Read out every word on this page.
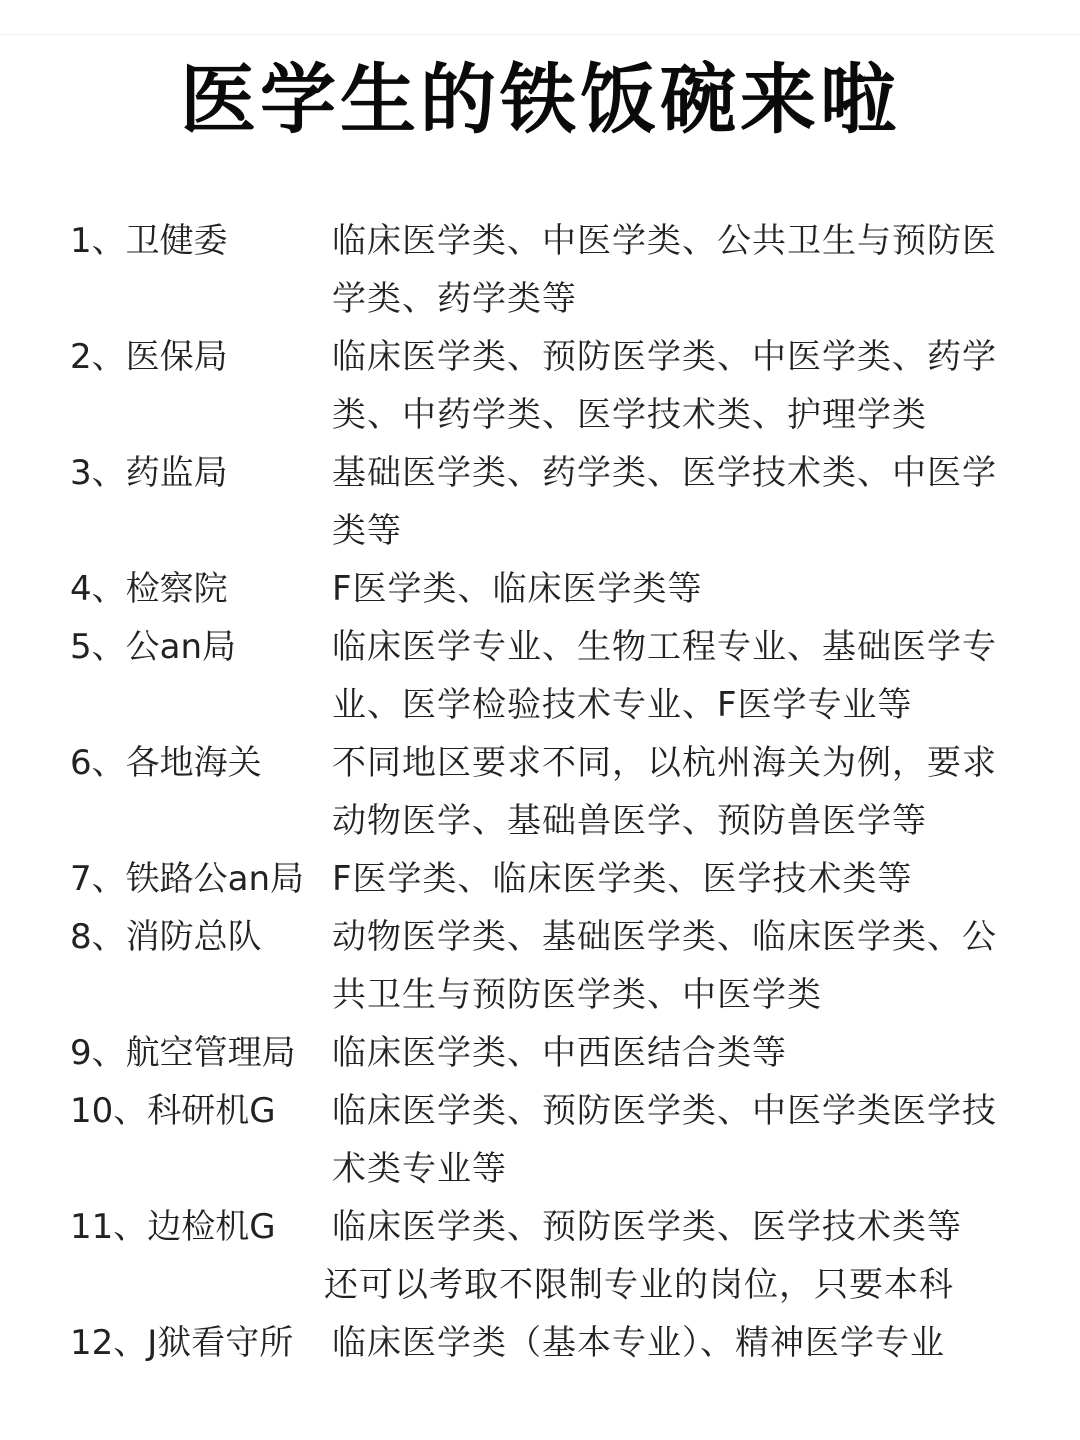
医学生的铁饭碗来啦
1、卫健委	临床医学类、中医学类、公共卫生与预防医学类、药学类等
2、医保局	临床医学类、预防医学类、中医学类、药学类、中药学类、医学技术类、护理学类
3、药监局	基础医学类、药学类、医学技术类、中医学类等
4、检察院	F医学类、临床医学类等
5、公an局	临床医学专业、生物工程专业、基础医学专业、医学检验技术专业、F医学专业等
6、各地海关	不同地区要求不同，以杭州海关为例，要求动物医学、基础兽医学、预防兽医学等
7、铁路公an局 F医学类、临床医学类、医学技术类等
8、消防总队	动物医学类、基础医学类、临床医学类、公共卫生与预防医学类、中医学类
9、航空管理局	临床医学类、中西医结合类等
10、科研机G	临床医学类、预防医学类、中医学类医学技术类专业等
11、边检机G	临床医学类、预防医学类、医学技术类等
还可以考取不限制专业的岗位，只要本科
12、J狱看守所	临床医学类（基本专业）、精神医学专业
